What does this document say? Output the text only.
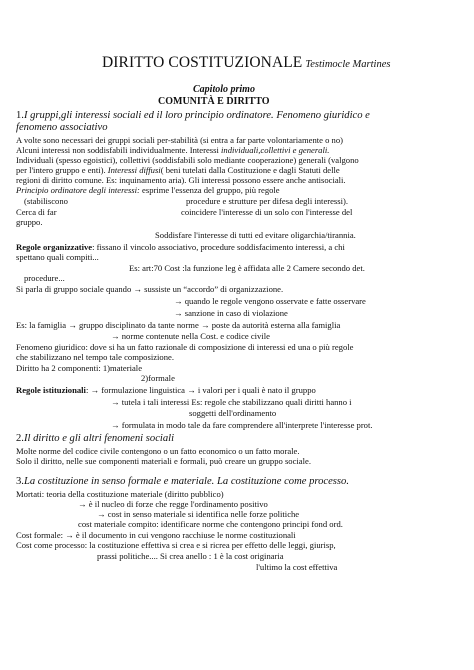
DIRITTO COSTITUZIONALE Testimocle Martines
Capitolo primo
COMUNITÀ E DIRITTO
1.I gruppi,gli interessi sociali ed il loro principio ordinatore. Fenomeno giuridico e
fenomeno associativo
A volte sono necessari dei gruppi sociali per-stabilità (si entra a far parte volontariamente o no)
Alcuni interessi non soddisfabili individualmente. Interessi individuali,collettivi e generali.
Individuali (spesso egoistici), collettivi (soddisfabili solo mediante cooperazione) generali (valgono
per l'intero gruppo e enti). Interessi diffusi( beni tutelati dalla Costituzione e dagli Statuti delle
regioni di diritto comune. Es: inquinamento aria). Gli interessi possono essere anche antisociali.
Principio ordinatore degli interessi: esprime l'essenza del gruppo, più regole
(stabiliscono	procedure e strutture per difesa degli interessi).
Cerca di far	coincidere l'interesse di un solo con l'interesse del
gruppo.
Soddisfare l'interesse di tutti ed evitare oligarchia/tirannia.
Regole organizzative: fissano il vincolo associativo, procedure soddisfacimento interessi, a chi
spettano quali compiti...
Es: art:70 Cost :la funzione leg è affidata alle 2 Camere secondo det.
procedure...
Si parla di gruppo sociale quando → sussiste un “accordo” di organizzazione.
→ quando le regole vengono osservate e fatte osservare
→ sanzione in caso di violazione
Es: la famiglia → gruppo disciplinato da tante norme → poste da autorità esterna alla famiglia
→ norme contenute nella Cost. e codice civile
Fenomeno giuridico: dove si ha un fatto razionale di composizione di interessi ed una o più regole
che stabilizzano nel tempo tale composizione.
Diritto ha 2 componenti: 1)materiale
2)formale
Regole istituzionali: → formulazione linguistica → i valori per i quali è nato il gruppo
→ tutela i tali interessi Es: regole che stabilizzano quali diritti hanno i
soggetti dell'ordinamento
→ formulata in modo tale da fare comprendere all'interprete l'interesse prot.
2.Il diritto e gli altri fenomeni sociali
Molte norme del codice civile contengono o un fatto economico o un fatto morale.
Solo il diritto, nelle sue componenti materiali e formali, può creare un gruppo sociale.
3.La costituzione in senso formale e materiale. La costituzione come processo.
Mortati: teoria della costituzione materiale (diritto pubblico)
→ è il nucleo di forze che regge l'ordinamento positivo
→ cost in senso materiale si identifica nelle forze politiche
cost materiale compito: identificare norme che contengono principi fond ord.
Cost formale: → è il documento in cui vengono racchiuse le norme costituzionali
Cost come processo: la costituzione effettiva si crea e si ricrea per effetto delle leggi, giurisp,
prassi politiche.... Si crea anello : 1 è la cost originaria
l'ultimo la cost effettiva
